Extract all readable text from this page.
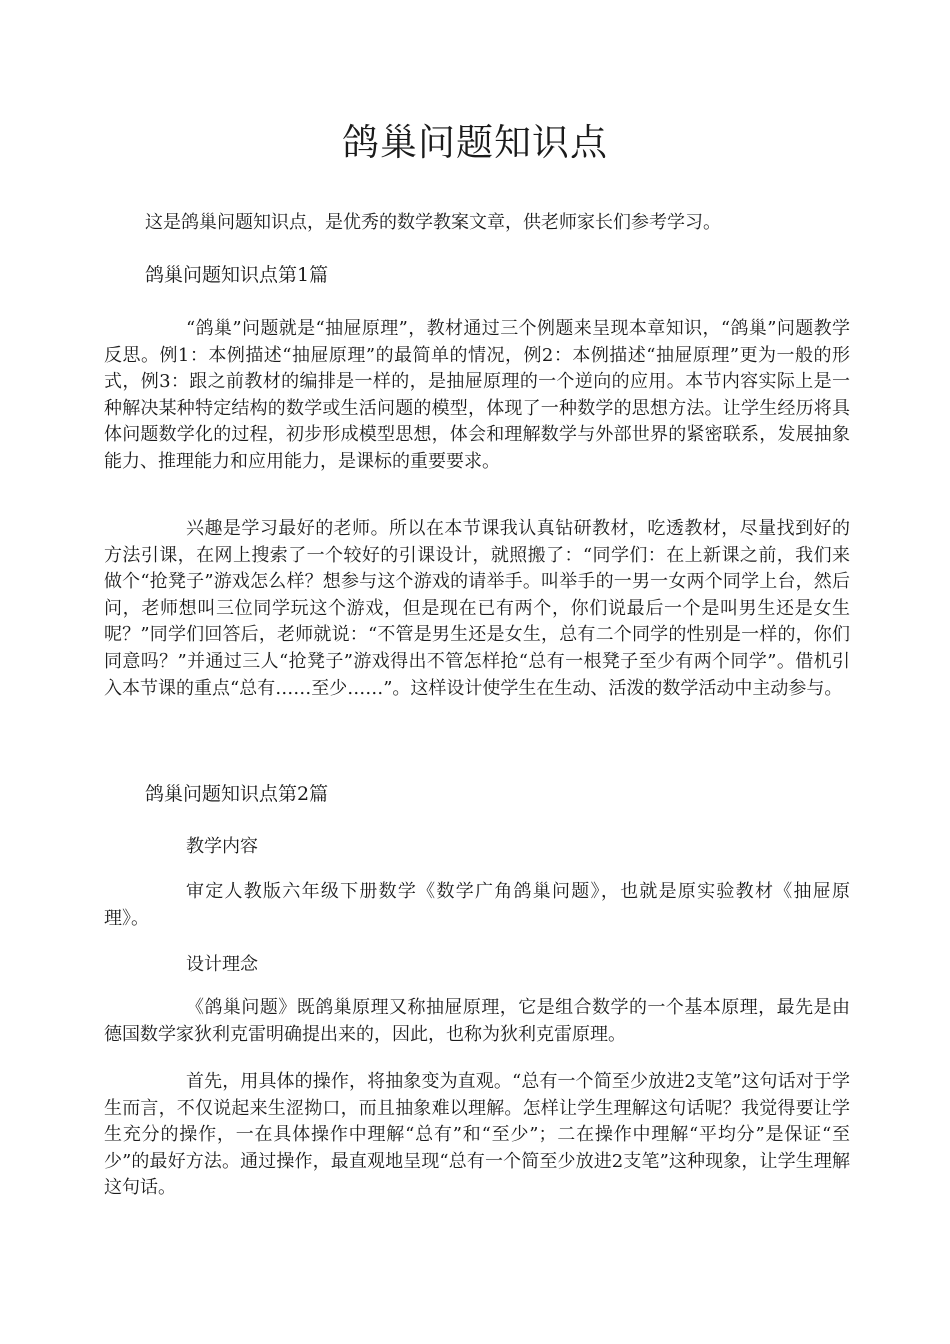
鸽巢问题知识点

这是鸽巢问题知识点，是优秀的数学教案文章，供老师家长们参考学习。

鸽巢问题知识点第1篇

“鸽巢”问题就是“抽屉原理”，教材通过三个例题来呈现本章知识，“鸽巢”问题教学反思。例1：本例描述“抽屉原理”的最简单的情况，例2：本例描述“抽屉原理”更为一般的形式，例3：跟之前教材的编排是一样的，是抽屉原理的一个逆向的应用。本节内容实际上是一种解决某种特定结构的数学或生活问题的模型，体现了一种数学的思想方法。让学生经历将具体问题数学化的过程，初步形成模型思想，体会和理解数学与外部世界的紧密联系，发展抽象能力、推理能力和应用能力，是课标的重要要求。

兴趣是学习最好的老师。所以在本节课我认真钻研教材，吃透教材，尽量找到好的方法引课，在网上搜索了一个较好的引课设计，就照搬了：“同学们：在上新课之前，我们来做个“抢凳子”游戏怎么样？想参与这个游戏的请举手。叫举手的一男一女两个同学上台，然后问，老师想叫三位同学玩这个游戏，但是现在已有两个，你们说最后一个是叫男生还是女生呢？”同学们回答后，老师就说：“不管是男生还是女生，总有二个同学的性别是一样的，你们同意吗？”并通过三人“抢凳子”游戏得出不管怎样抢“总有一根凳子至少有两个同学”。借机引入本节课的重点“总有……至少……”。这样设计使学生在生动、活泼的数学活动中主动参与。

鸽巢问题知识点第2篇
教学内容

审定人教版六年级下册数学《数学广角鸽巢问题》，也就是原实验教材《抽屉原理》。

设计理念

《鸽巢问题》既鸽巢原理又称抽屉原理，它是组合数学的一个基本原理，最先是由德国数学家狄利克雷明确提出来的，因此，也称为狄利克雷原理。

首先，用具体的操作，将抽象变为直观。“总有一个简至少放进2支笔”这句话对于学生而言，不仅说起来生涩拗口，而且抽象难以理解。怎样让学生理解这句话呢？我觉得要让学生充分的操作，一在具体操作中理解“总有”和“至少”；二在操作中理解“平均分”是保证“至少”的最好方法。通过操作，最直观地呈现“总有一个简至少放进2支笔”这种现象，让学生理解这句话。
